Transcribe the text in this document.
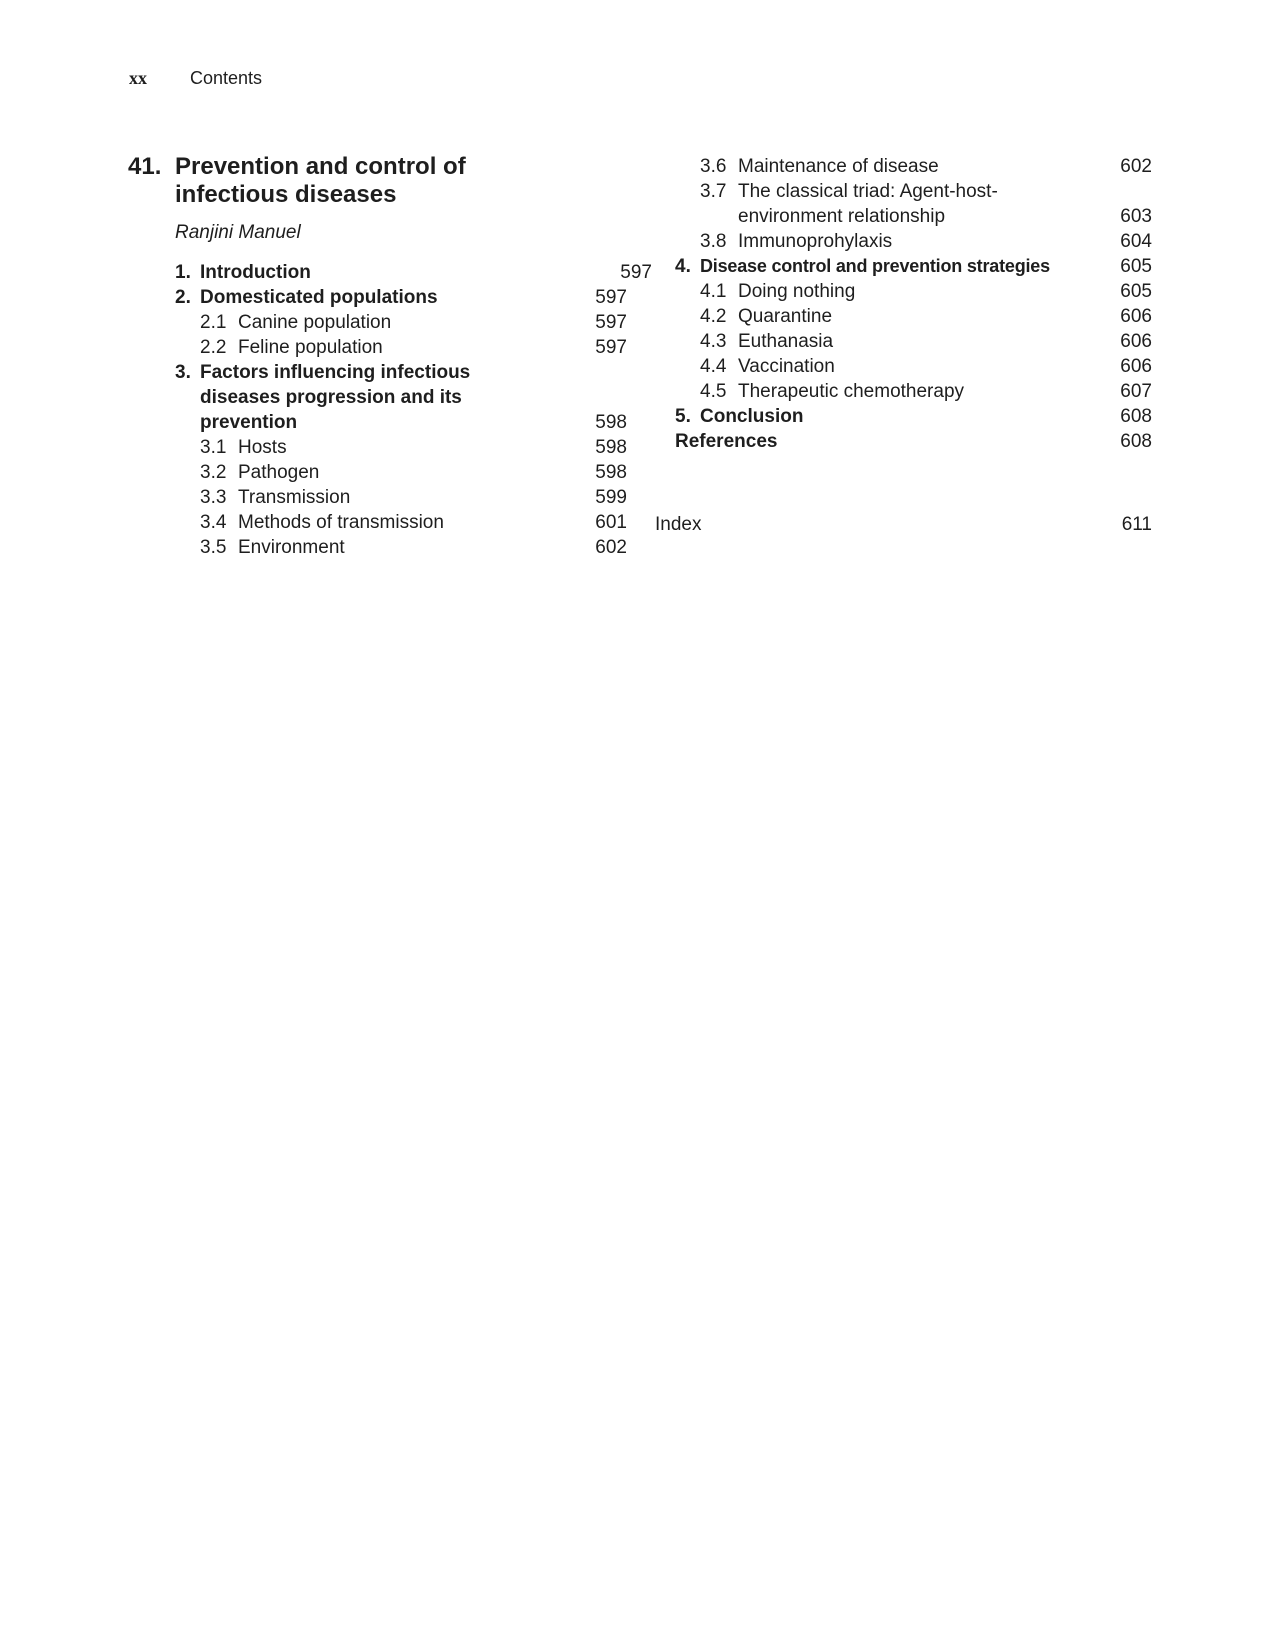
xx Contents
41. Prevention and control of infectious diseases
Ranjini Manuel
1. Introduction	597
2. Domesticated populations	597
2.1 Canine population	597
2.2 Feline population	597
3. Factors influencing infectious diseases progression and its prevention	598
3.1 Hosts	598
3.2 Pathogen	598
3.3 Transmission	599
3.4 Methods of transmission	601
3.5 Environment	602
3.6 Maintenance of disease	602
3.7 The classical triad: Agent-host-environment relationship	603
3.8 Immunoprohylaxis	604
4. Disease control and prevention strategies	605
4.1 Doing nothing	605
4.2 Quarantine	606
4.3 Euthanasia	606
4.4 Vaccination	606
4.5 Therapeutic chemotherapy	607
5. Conclusion	608
References	608
Index	611
